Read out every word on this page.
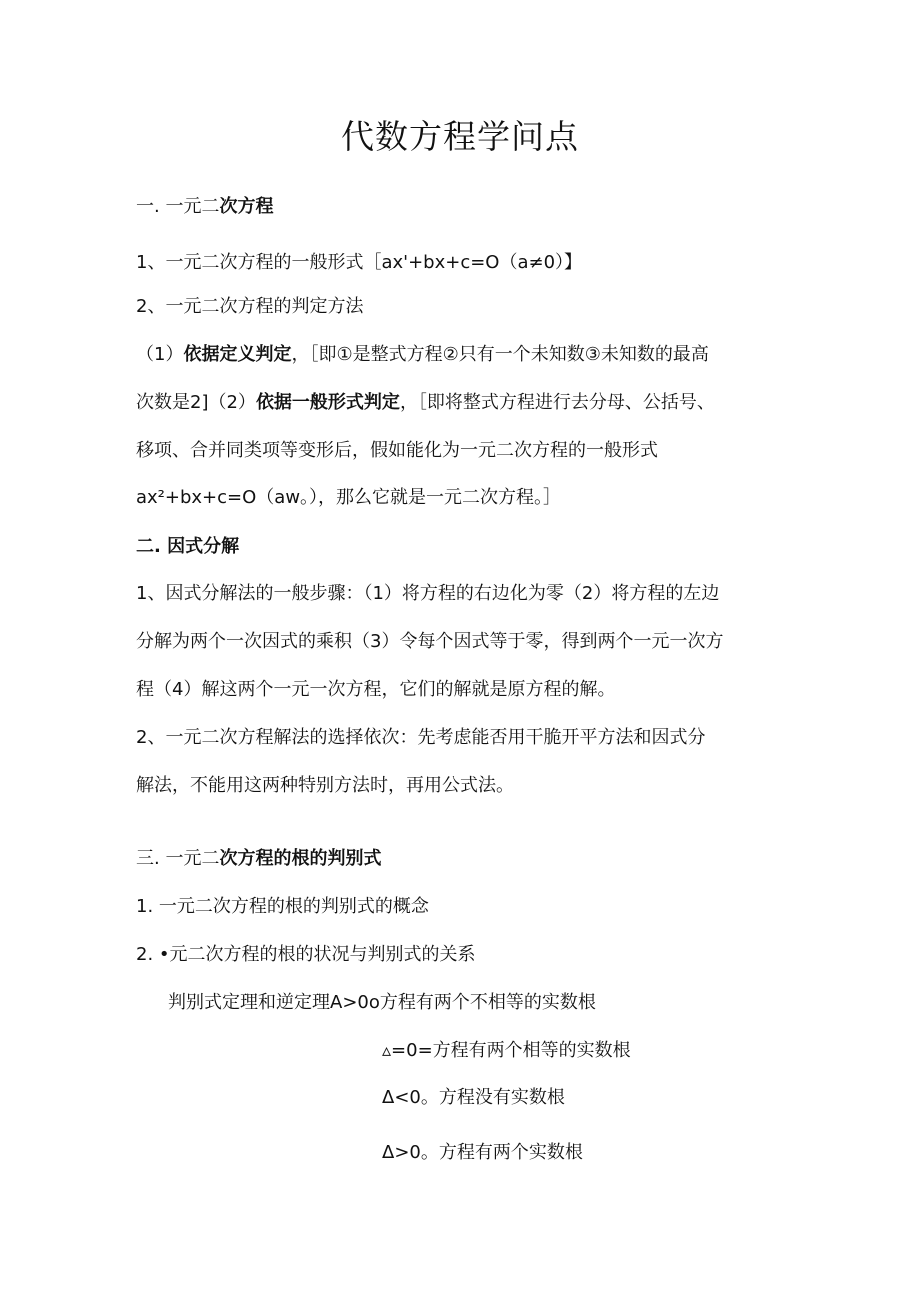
代数方程学问点
一. 一元二次方程
1、一元二次方程的一般形式［ax'+bx+c=O（a≠0）】
2、一元二次方程的判定方法
（1）依据定义判定，［即①是整式方程②只有一个未知数③未知数的最高
次数是2]（2）依据一般形式判定，［即将整式方程进行去分母、公括号、
移项、合并同类项等变形后，假如能化为一元二次方程的一般形式
ax²+bx+c=O（aw。），那么它就是一元二次方程。］
二. 因式分解
1、因式分解法的一般步骤：（1）将方程的右边化为零（2）将方程的左边
分解为两个一次因式的乘积（3）令每个因式等于零，得到两个一元一次方
程（4）解这两个一元一次方程，它们的解就是原方程的解。
2、一元二次方程解法的选择依次：先考虑能否用干脆开平方法和因式分
解法，不能用这两种特别方法时，再用公式法。
三. 一元二次方程的根的判别式
1. 一元二次方程的根的判别式的概念
2. •元二次方程的根的状况与判别式的关系
判别式定理和逆定理A>0o方程有两个不相等的实数根
▵=0=方程有两个相等的实数根
Δ<0。方程没有实数根
Δ>0。方程有两个实数根
